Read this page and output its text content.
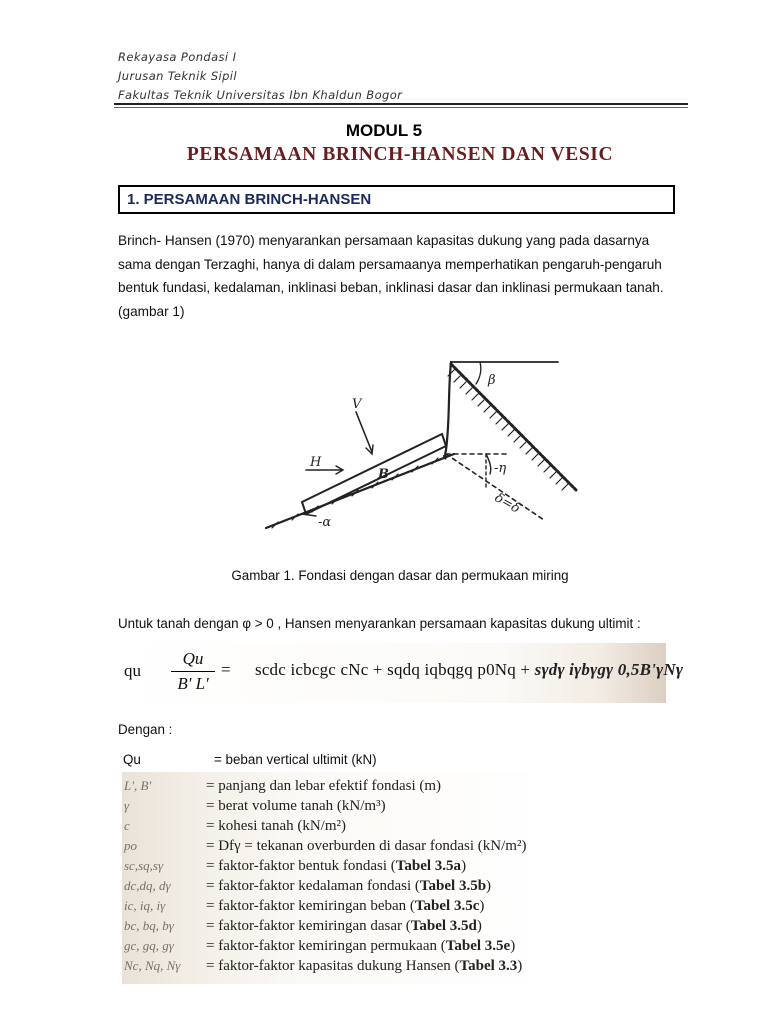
Rekayasa Pondasi I
Jurusan Teknik Sipil
Fakultas Teknik Universitas Ibn Khaldun Bogor
MODUL 5
PERSAMAAN BRINCH-HANSEN DAN VESIC
1. PERSAMAAN BRINCH-HANSEN
Brinch- Hansen (1970) menyarankan persamaan kapasitas dukung yang pada dasarnya
sama dengan Terzaghi, hanya di dalam persamaanya memperhatikan pengaruh-pengaruh
bentuk fundasi, kedalaman, inklinasi beban, inklinasi dasar dan inklinasi permukaan tanah.
(gambar 1)
β
H
B
V
-α
-η
δ=δ
Gambar 1. Fondasi dengan dasar dan permukaan miring
Untuk tanah dengan φ > 0 , Hansen menyarankan persamaan kapasitas dukung ultimit :
qu $\frac{Qu}{B' L'}$ = scdc icbcgc cNc + sqdq iqbqgq p0Nq + sγdγ iγbγgγ 0,5B'γNγ
Dengan :
Qu	= beban vertical ultimit (kN)
L', B'	= panjang dan lebar efektif fondasi (m)
γ	= berat volume tanah (kN/m³)
c	= kohesi tanah (kN/m²)
po	= Dfγ = tekanan overburden di dasar fondasi (kN/m²)
sc,sq,sγ	= faktor-faktor bentuk fondasi (Tabel 3.5a)
dc,dq, dγ = faktor-faktor kedalaman fondasi (Tabel 3.5b)
ic, iq, iγ	= faktor-faktor kemiringan beban (Tabel 3.5c)
bc, bq, bγ = faktor-faktor kemiringan dasar (Tabel 3.5d)
gc, gq, gγ = faktor-faktor kemiringan permukaan (Tabel 3.5e)
Nc, Nq, Nγ = faktor-faktor kapasitas dukung Hansen (Tabel 3.3)
